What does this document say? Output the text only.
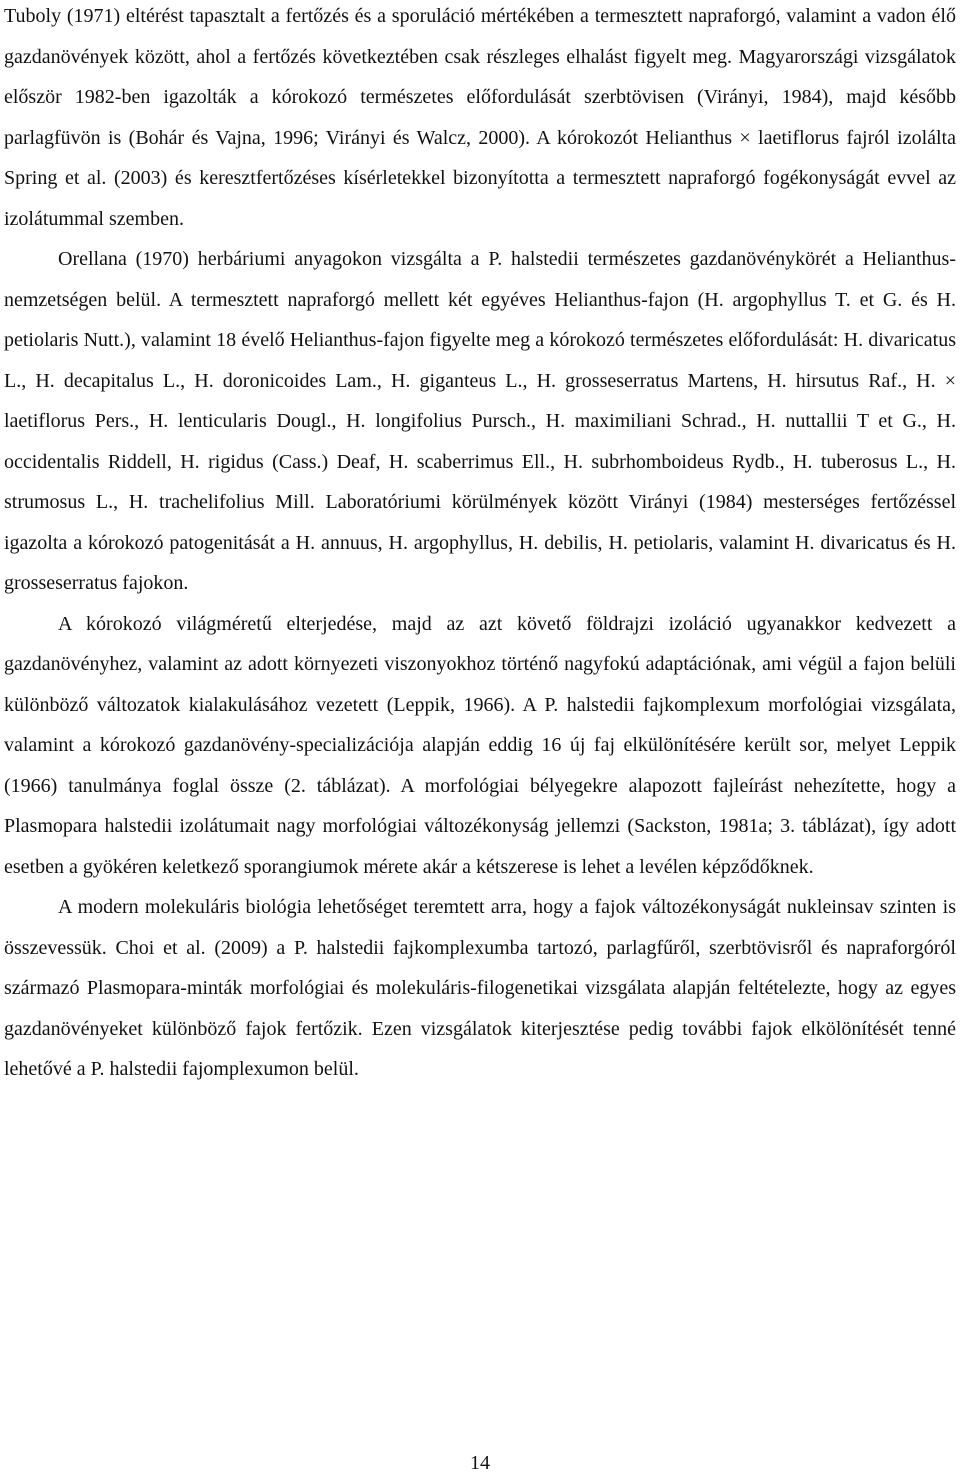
Tuboly (1971) eltérést tapasztalt a fertőzés és a sporuláció mértékében a termesztett napraforgó, valamint a vadon élő gazdanövények között, ahol a fertőzés következtében csak részleges elhalást figyelt meg. Magyarországi vizsgálatok először 1982-ben igazolták a kórokozó természetes előfordulását szerbtövisen (Virányi, 1984), majd később parlagfüvön is (Bohár és Vajna, 1996; Virányi és Walcz, 2000). A kórokozót Helianthus × laetiflorus fajról izolálta Spring et al. (2003) és keresztfertőzéses kísérletekkel bizonyította a termesztett napraforgó fogékonyságát evvel az izolátummal szemben.

Orellana (1970) herbáriumi anyagokon vizsgálta a P. halstedii természetes gazdanövénykörét a Helianthus-nemzetségen belül. A termesztett napraforgó mellett két egyéves Helianthus-fajon (H. argophyllus T. et G. és H. petiolaris Nutt.), valamint 18 évelő Helianthus-fajon figyelte meg a kórokozó természetes előfordulását: H. divaricatus L., H. decapitalus L., H. doronicoides Lam., H. giganteus L., H. grosseserratus Martens, H. hirsutus Raf., H. × laetiflorus Pers., H. lenticularis Dougl., H. longifolius Pursch., H. maximiliani Schrad., H. nuttallii T et G., H. occidentalis Riddell, H. rigidus (Cass.) Deaf, H. scaberrimus Ell., H. subrhomboideus Rydb., H. tuberosus L., H. strumosus L., H. trachelifolius Mill. Laboratóriumi körülmények között Virányi (1984) mesterséges fertőzéssel igazolta a kórokozó patogenitását a H. annuus, H. argophyllus, H. debilis, H. petiolaris, valamint H. divaricatus és H. grosseserratus fajokon.

A kórokozó világméretű elterjedése, majd az azt követő földrajzi izoláció ugyanakkor kedvezett a gazdanövényhez, valamint az adott környezeti viszonyokhoz történő nagyfokú adaptációnak, ami végül a fajon belüli különböző változatok kialakulásához vezetett (Leppik, 1966). A P. halstedii fajkomplexum morfológiai vizsgálata, valamint a kórokozó gazdanövény-specializációja alapján eddig 16 új faj elkülönítésére került sor, melyet Leppik (1966) tanulmánya foglal össze (2. táblázat). A morfológiai bélyegekre alapozott fajleírást nehezítette, hogy a Plasmopara halstedii izolátumait nagy morfológiai változékonyság jellemzi (Sackston, 1981a; 3. táblázat), így adott esetben a gyökéren keletkező sporangiumok mérete akár a kétszerese is lehet a levélen képződőknek.

A modern molekuláris biológia lehetőséget teremtett arra, hogy a fajok változékonyságát nukleinsav szinten is összevessük. Choi et al. (2009) a P. halstedii fajkomplexumba tartozó, parlagfűről, szerbtövisről és napraforgóról származó Plasmopara-minták morfológiai és molekuláris-filogenetikai vizsgálata alapján feltételezte, hogy az egyes gazdanövényeket különböző fajok fertőzik. Ezen vizsgálatok kiterjesztése pedig további fajok elkölönítését tenné lehetővé a P. halstedii fajomplexumon belül.

14
